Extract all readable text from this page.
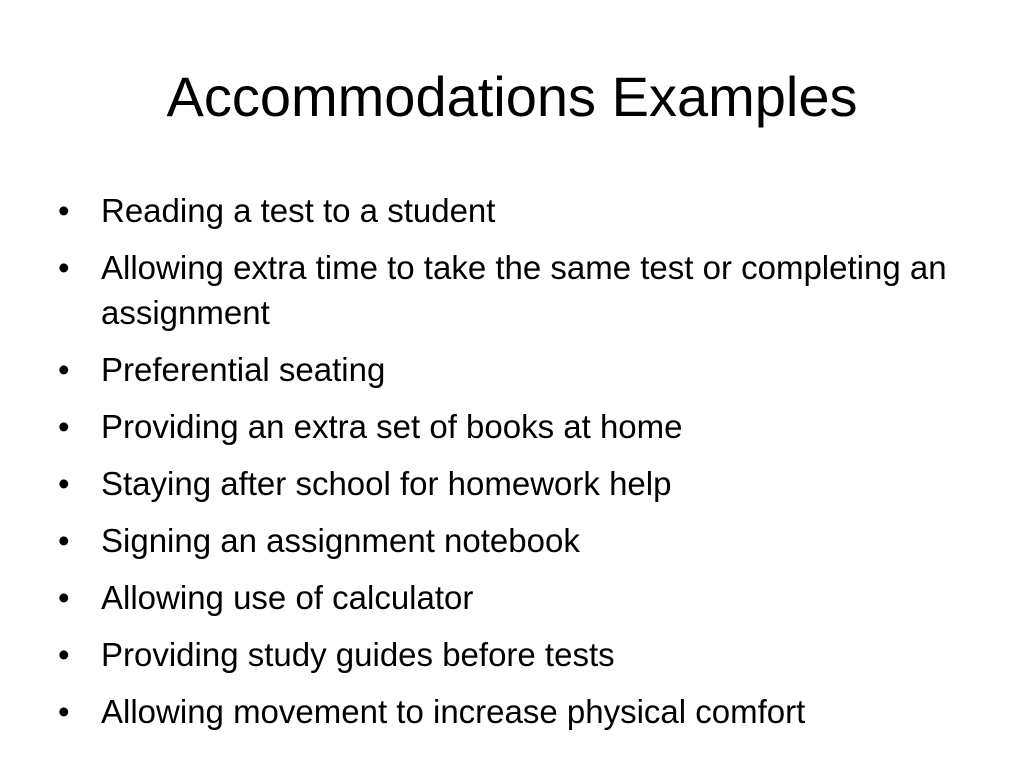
Accommodations Examples
• Reading a test to a student
• Allowing extra time to take the same test or completing an assignment
• Preferential seating
• Providing an extra set of books at home
• Staying after school for homework help
• Signing an assignment notebook
• Allowing use of calculator
• Providing study guides before tests
• Allowing movement to increase physical comfort
